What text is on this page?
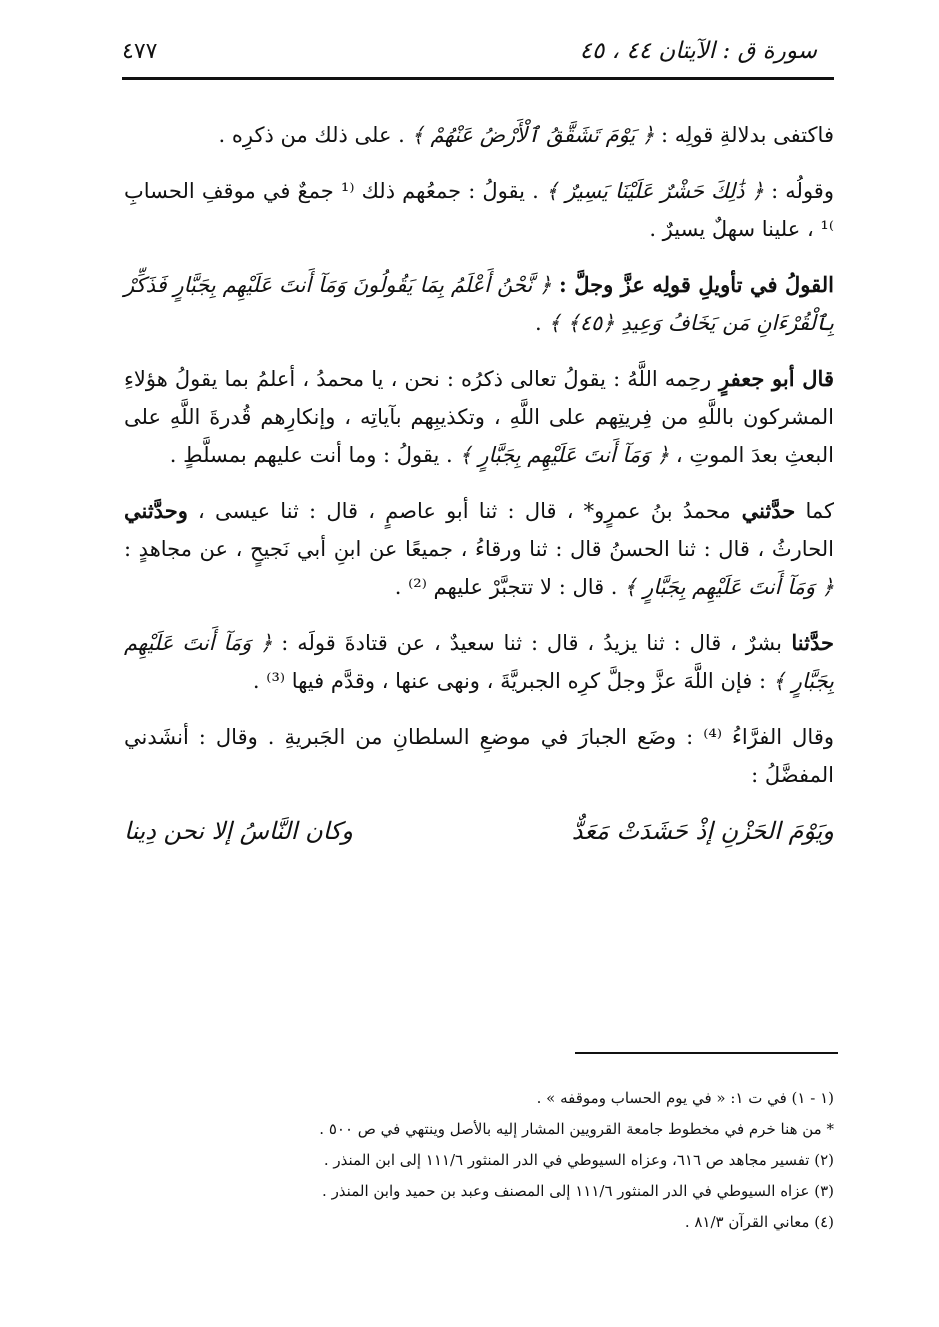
سورة ق : الآيتان ٤٤ ، ٤٥
٤٧٧

فاكتفى بدلالةِ قولِه : ﴿ يَوْمَ تَشَقَّقُ ٱلْأَرْضُ عَنْهُمْ ﴾ . على ذلك من ذكرِه .

وقولُه : ﴿ ذَٰلِكَ حَشْرٌ عَلَيْنَا يَسِيرٌ ﴾ . يقولُ : جمعُهم ذلك ⁽¹ جمعٌ في موقفِ الحسابِ ⁾¹ ، علينا سهلٌ يسيرٌ .

القولُ في تأويلِ قولِه عزَّ وجلَّ : ﴿ نَّحْنُ أَعْلَمُ بِمَا يَقُولُونَ وَمَآ أَنتَ عَلَيْهِم بِجَبَّارٍ فَذَكِّرْ بِٱلْقُرْءَانِ مَن يَخَافُ وَعِيدِ ﴿٤٥﴾ ﴾ .

قال أبو جعفرٍ رحِمه اللَّهُ : يقولُ تعالى ذكرُه : نحن ، يا محمدُ ، أعلمُ بما يقولُ هؤلاءِ المشركون باللَّهِ من فِريتِهم على اللَّهِ ، وتكذيبِهم بآياتِه ، وإنكارِهم قُدرةَ اللَّهِ على البعثِ بعدَ الموتِ ، ﴿ وَمَآ أَنتَ عَلَيْهِم بِجَبَّارٍ ﴾ . يقولُ : وما أنت عليهم بمسلَّطٍ .

كما حدَّثني محمدُ بنُ عمرٍو* ، قال : ثنا أبو عاصمٍ ، قال : ثنا عيسى ، وحدَّثني الحارثُ ، قال : ثنا الحسنُ قال : ثنا ورقاءُ ، جميعًا عن ابنِ أبي نَجيحٍ ، عن مجاهدٍ : ﴿ وَمَآ أَنتَ عَلَيْهِم بِجَبَّارٍ ﴾ . قال : لا تتجبَّرْ عليهم ⁽²⁾ .

حدَّثنا بشرٌ ، قال : ثنا يزيدُ ، قال : ثنا سعيدٌ ، عن قتادةَ قولَه : ﴿ وَمَآ أَنتَ عَلَيْهِم بِجَبَّارٍ ﴾ : فإن اللَّهَ عزَّ وجلَّ كرِه الجبريَّةَ ، ونهى عنها ، وقدَّم فيها ⁽³⁾ .

وقال الفرَّاءُ ⁽⁴⁾ : وضَع الجبارَ في موضعِ السلطانِ من الجَبريةِ . وقال : أنشَدني المفضَّلُ :

ويَوْمَ الحَزْنِ إذْ حَشَدَتْ مَعَدٌّ
وكان النَّاسُ إلا نحن دِينا
(١ - ١) في ت ١: « في يوم الحساب وموقفه » .
* من هنا خرم في مخطوط جامعة القرويين المشار إليه بالأصل وينتهي في ص ٥٠٠ .
(٢) تفسير مجاهد ص ٦١٦، وعزاه السيوطي في الدر المنثور ١١١/٦ إلى ابن المنذر .
(٣) عزاه السيوطي في الدر المنثور ١١١/٦ إلى المصنف وعبد بن حميد وابن المنذر .
(٤) معاني القرآن ٨١/٣ .
